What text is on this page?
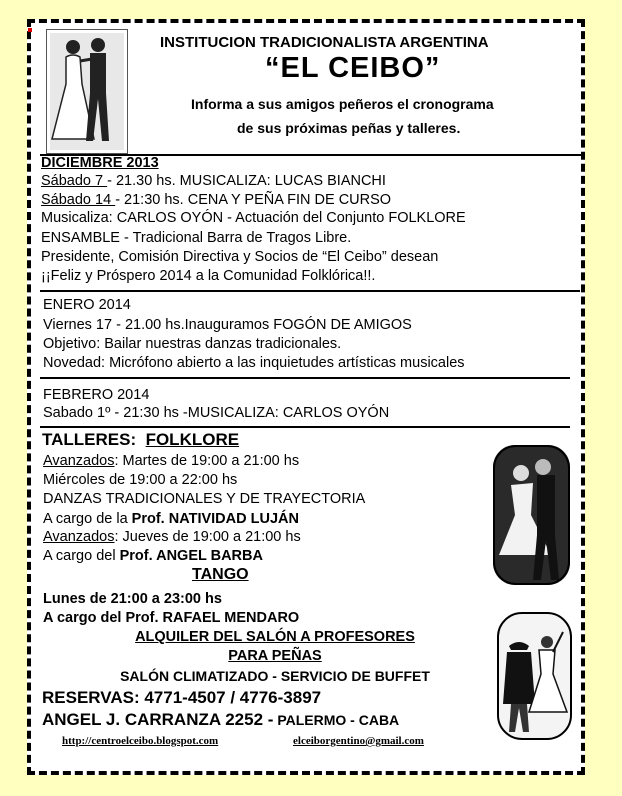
INSTITUCION TRADICIONALISTA ARGENTINA
“EL CEIBO”
Informa a sus amigos peñeros el cronograma
de sus próximas peñas y talleres.
DICIEMBRE 2013
Sábado 7 - 21.30 hs. MUSICALIZA: LUCAS BIANCHI
Sábado 14 - 21:30 hs. CENA Y PEÑA FIN DE CURSO
Musicaliza: CARLOS OYÓN - Actuación del Conjunto FOLKLORE
ENSAMBLE - Tradicional Barra de Tragos Libre.
Presidente, Comisión Directiva y Socios de “El Ceibo” desean
¡¡Feliz y Próspero 2014 a la Comunidad Folklórica!!.
ENERO 2014
Viernes 17 - 21.00 hs.Inauguramos FOGÓN DE AMIGOS
Objetivo: Bailar nuestras danzas tradicionales.
Novedad: Micrófono abierto a las inquietudes artísticas musicales
FEBRERO 2014
Sabado 1º - 21:30 hs -MUSICALIZA: CARLOS OYÓN
TALLERES: FOLKLORE
Avanzados: Martes de 19:00 a 21:00 hs
Miércoles de 19:00 a 22:00 hs
DANZAS TRADICIONALES Y DE TRAYECTORIA
A cargo de la Prof. NATIVIDAD LUJÁN
Avanzados: Jueves de 19:00 a 21:00 hs
A cargo del Prof. ANGEL BARBA
TANGO
Lunes de 21:00 a 23:00 hs
A cargo del Prof. RAFAEL MENDARO
ALQUILER DEL SALÓN A PROFESORES
PARA PEÑAS
SALÓN CLIMATIZADO - SERVICIO DE BUFFET
RESERVAS: 4771-4507 / 4776-3897
ANGEL J. CARRANZA 2252 - PALERMO - CABA
http://centroelceibo.blogspot.com	elceiborgentino@gmail.com
